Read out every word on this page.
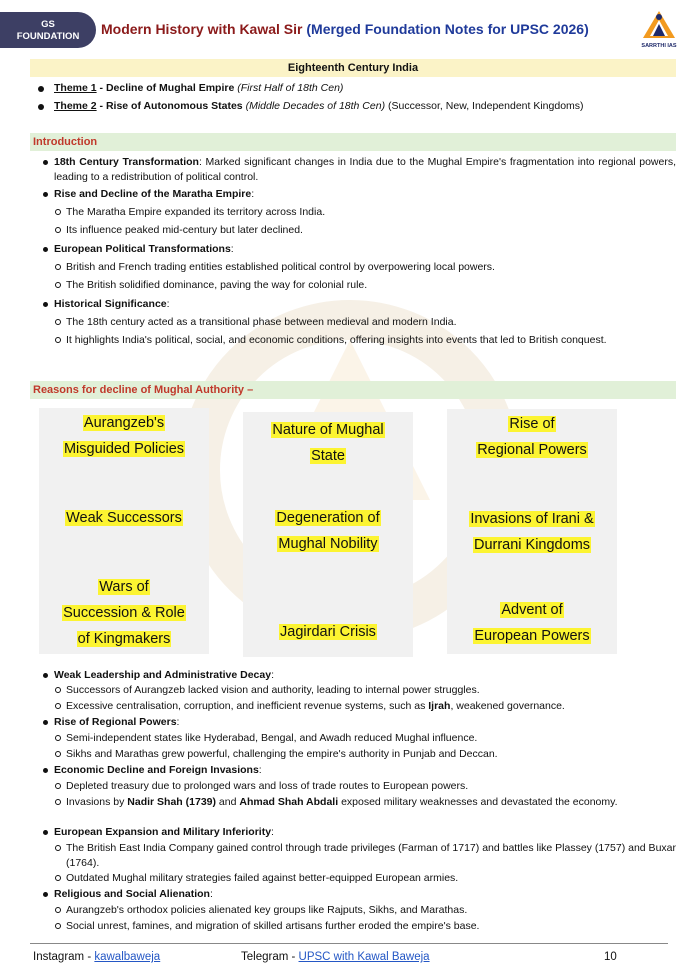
GS
FOUNDATION	Modern History with Kawal Sir (Merged Foundation Notes for UPSC 2026)
SARRTHI IAS
Eighteenth Century India
Theme 1 - Decline of Mughal Empire (First Half of 18th Cen)
Theme 2 - Rise of Autonomous States (Middle Decades of 18th Cen) (Successor, New, Independent Kingdoms)
Introduction
18th Century Transformation: Marked significant changes in India due to the Mughal Empire's fragmentation into regional powers, leading to a redistribution of political control.
Rise and Decline of the Maratha Empire:
The Maratha Empire expanded its territory across India.
Its influence peaked mid-century but later declined.
European Political Transformations:
British and French trading entities established political control by overpowering local powers.
The British solidified dominance, paving the way for colonial rule.
Historical Significance:
The 18th century acted as a transitional phase between medieval and modern India.
It highlights India's political, social, and economic conditions, offering insights into events that led to British conquest.
Reasons for decline of Mughal Authority –
Aurangzeb's
Misguided Policies
Weak Successors
Wars of
Succession & Role
of Kingmakers
Nature of Mughal
State
Degeneration of
Mughal Nobility
Jagirdari Crisis
Rise of
Regional Powers
Invasions of Irani &
Durrani Kingdoms
Advent of
European Powers
Weak Leadership and Administrative Decay:
Successors of Aurangzeb lacked vision and authority, leading to internal power struggles.
Excessive centralisation, corruption, and inefficient revenue systems, such as Ijrah, weakened governance.
Rise of Regional Powers:
Semi-independent states like Hyderabad, Bengal, and Awadh reduced Mughal influence.
Sikhs and Marathas grew powerful, challenging the empire's authority in Punjab and Deccan.
Economic Decline and Foreign Invasions:
Depleted treasury due to prolonged wars and loss of trade routes to European powers.
Invasions by Nadir Shah (1739) and Ahmad Shah Abdali exposed military weaknesses and devastated the economy.
European Expansion and Military Inferiority:
The British East India Company gained control through trade privileges (Farman of 1717) and battles like Plassey (1757) and Buxar (1764).
Outdated Mughal military strategies failed against better-equipped European armies.
Religious and Social Alienation:
Aurangzeb's orthodox policies alienated key groups like Rajputs, Sikhs, and Marathas.
Social unrest, famines, and migration of skilled artisans further eroded the empire's base.
Instagram - kawalbaweja	Telegram - UPSC with Kawal Baweja	10
